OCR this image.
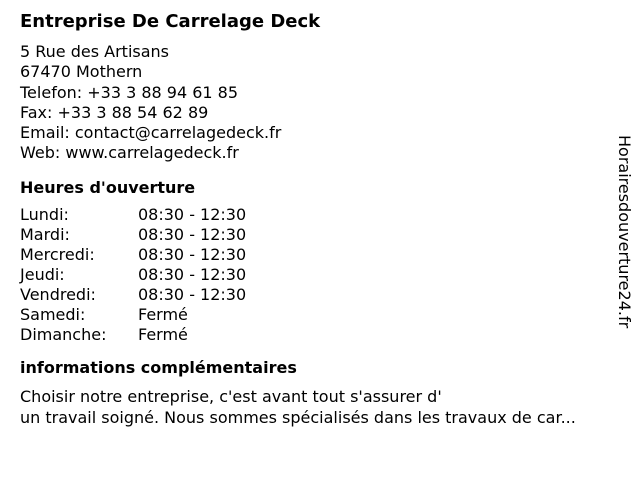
Entreprise De Carrelage Deck
5 Rue des Artisans
67470 Mothern
Telefon: +33 3 88 94 61 85
Fax: +33 3 88 54 62 89
Email: contact@carrelagedeck.fr
Web: www.carrelagedeck.fr
Heures d'ouverture
Lundi:	08:30 - 12:30
Mardi:	08:30 - 12:30
Mercredi:	08:30 - 12:30
Jeudi:	08:30 - 12:30
Vendredi:	08:30 - 12:30
Samedi:	Fermé
Dimanche:	Fermé
informations complémentaires
Choisir notre entreprise, c'est avant tout s'assurer d'
un travail soigné. Nous sommes spécialisés dans les travaux de car...
Horairesdouverture24.fr
